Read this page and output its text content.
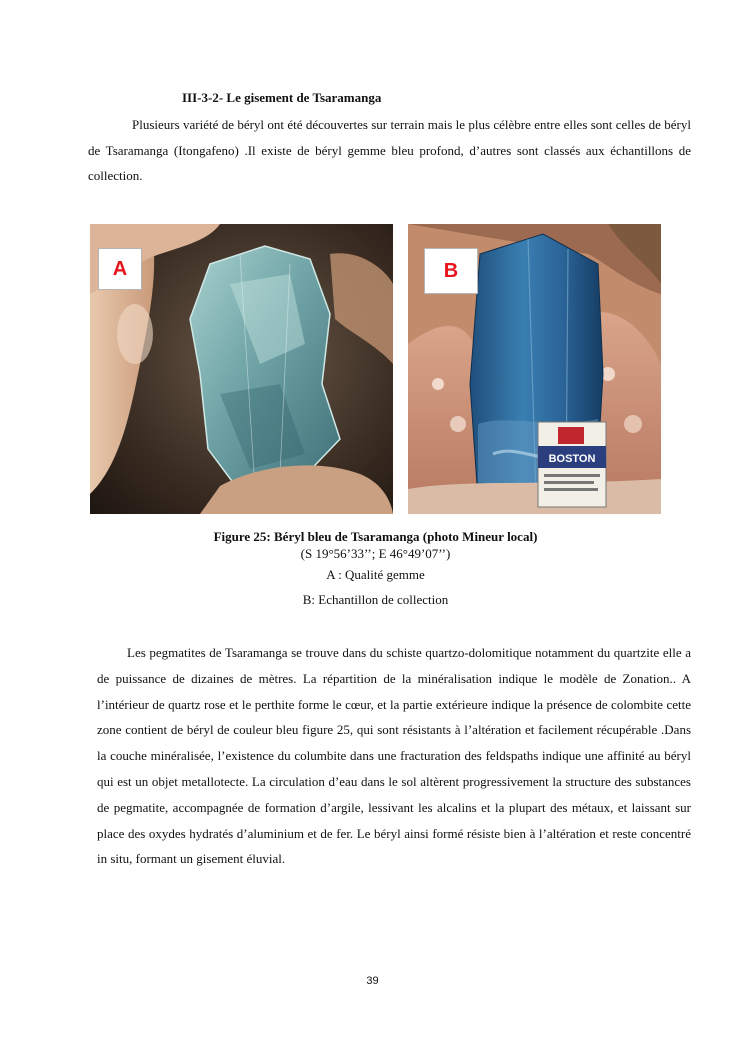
III-3-2- Le gisement de Tsaramanga

Plusieurs variété de béryl ont été découvertes sur terrain mais le plus célèbre entre elles sont celles de béryl de Tsaramanga (Itongafeno) .Il existe de béryl gemme bleu profond, d’autres sont classés aux échantillons de collection.

A
BOSTON
B
Figure 25: Béryl bleu de Tsaramanga (photo Mineur local)
(S 19°56’33’’; E 46°49’07’’)
A : Qualité gemme
B: Echantillon de collection

Les pegmatites de Tsaramanga se trouve dans du schiste quartzo-dolomitique notamment du quartzite elle a de puissance de dizaines de mètres. La répartition de la minéralisation indique le modèle de Zonation.. A l’intérieur de quartz rose et le perthite forme le cœur, et la partie extérieure indique la présence de colombite cette zone contient de béryl de couleur bleu figure 25, qui sont résistants à l’altération et facilement récupérable .Dans la couche minéralisée, l’existence du columbite dans une fracturation des feldspaths indique une affinité au béryl qui est un objet metallotecte. La circulation d’eau dans le sol altèrent progressivement la structure des substances de pegmatite, accompagnée de formation d’argile, lessivant les alcalins et la plupart des métaux, et laissant sur place des oxydes hydratés d’aluminium et de fer. Le béryl ainsi formé résiste bien à l’altération et reste concentré in situ, formant un gisement éluvial.

39
